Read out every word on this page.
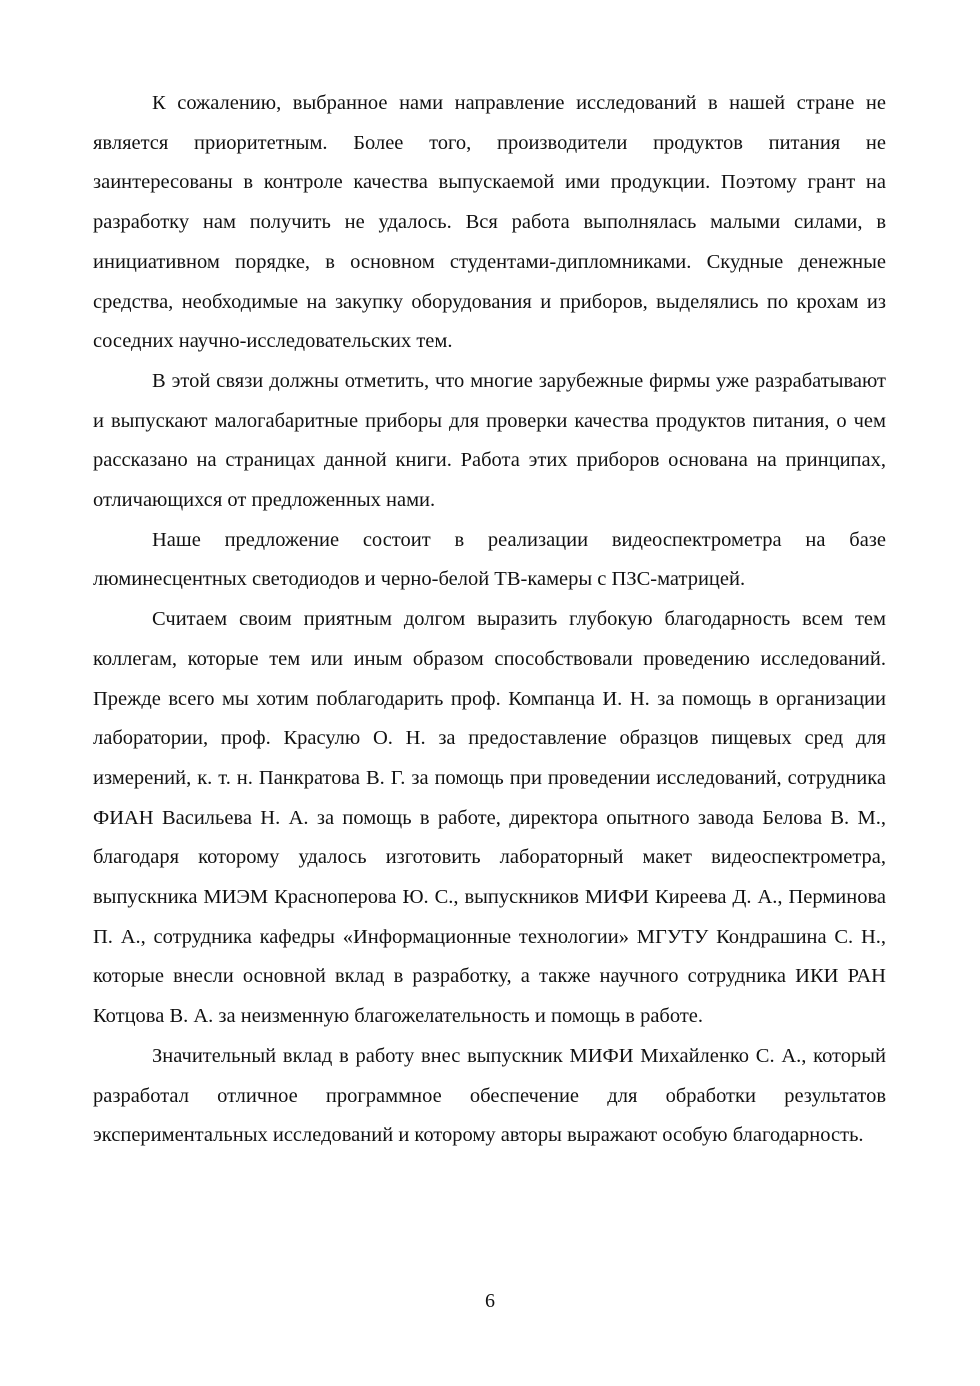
К сожалению, выбранное нами направление исследований в нашей стране не является приоритетным. Более того, производители продуктов питания не заинтересованы в контроле качества выпускаемой ими продукции. Поэтому грант на разработку нам получить не удалось. Вся работа выполнялась малыми силами, в инициативном порядке, в основном студентами-дипломниками. Скудные денежные средства, необходимые на закупку оборудования и приборов, выделялись по крохам из соседних научно-исследовательских тем.

В этой связи должны отметить, что многие зарубежные фирмы уже разрабатывают и выпускают малогабаритные приборы для проверки качества продуктов питания, о чем рассказано на страницах данной книги. Работа этих приборов основана на принципах, отличающихся от предложенных нами.

Наше предложение состоит в реализации видеоспектрометра на базе люминесцентных светодиодов и черно-белой ТВ-камеры с ПЗС-матрицей.

Считаем своим приятным долгом выразить глубокую благодарность всем тем коллегам, которые тем или иным образом способствовали проведению исследований. Прежде всего мы хотим поблагодарить проф. Компанца И. Н. за помощь в организации лаборатории, проф. Красулю О. Н. за предоставление образцов пищевых сред для измерений, к. т. н. Панкратова В. Г. за помощь при проведении исследований, сотрудника ФИАН Васильева Н. А. за помощь в работе, директора опытного завода Белова В. М., благодаря которому удалось изготовить лабораторный макет видеоспектрометра, выпускника МИЭМ Красноперова Ю. С., выпускников МИФИ Киреева Д. А., Перминова П. А., сотрудника кафедры «Информационные технологии» МГУТУ Кондрашина С. Н., которые внесли основной вклад в разработку, а также научного сотрудника ИКИ РАН Котцова В. А. за неизменную благожелательность и помощь в работе.

Значительный вклад в работу внес выпускник МИФИ Михайленко С. А., который разработал отличное программное обеспечение для обработки результатов экспериментальных исследований и которому авторы выражают особую благодарность.

6
